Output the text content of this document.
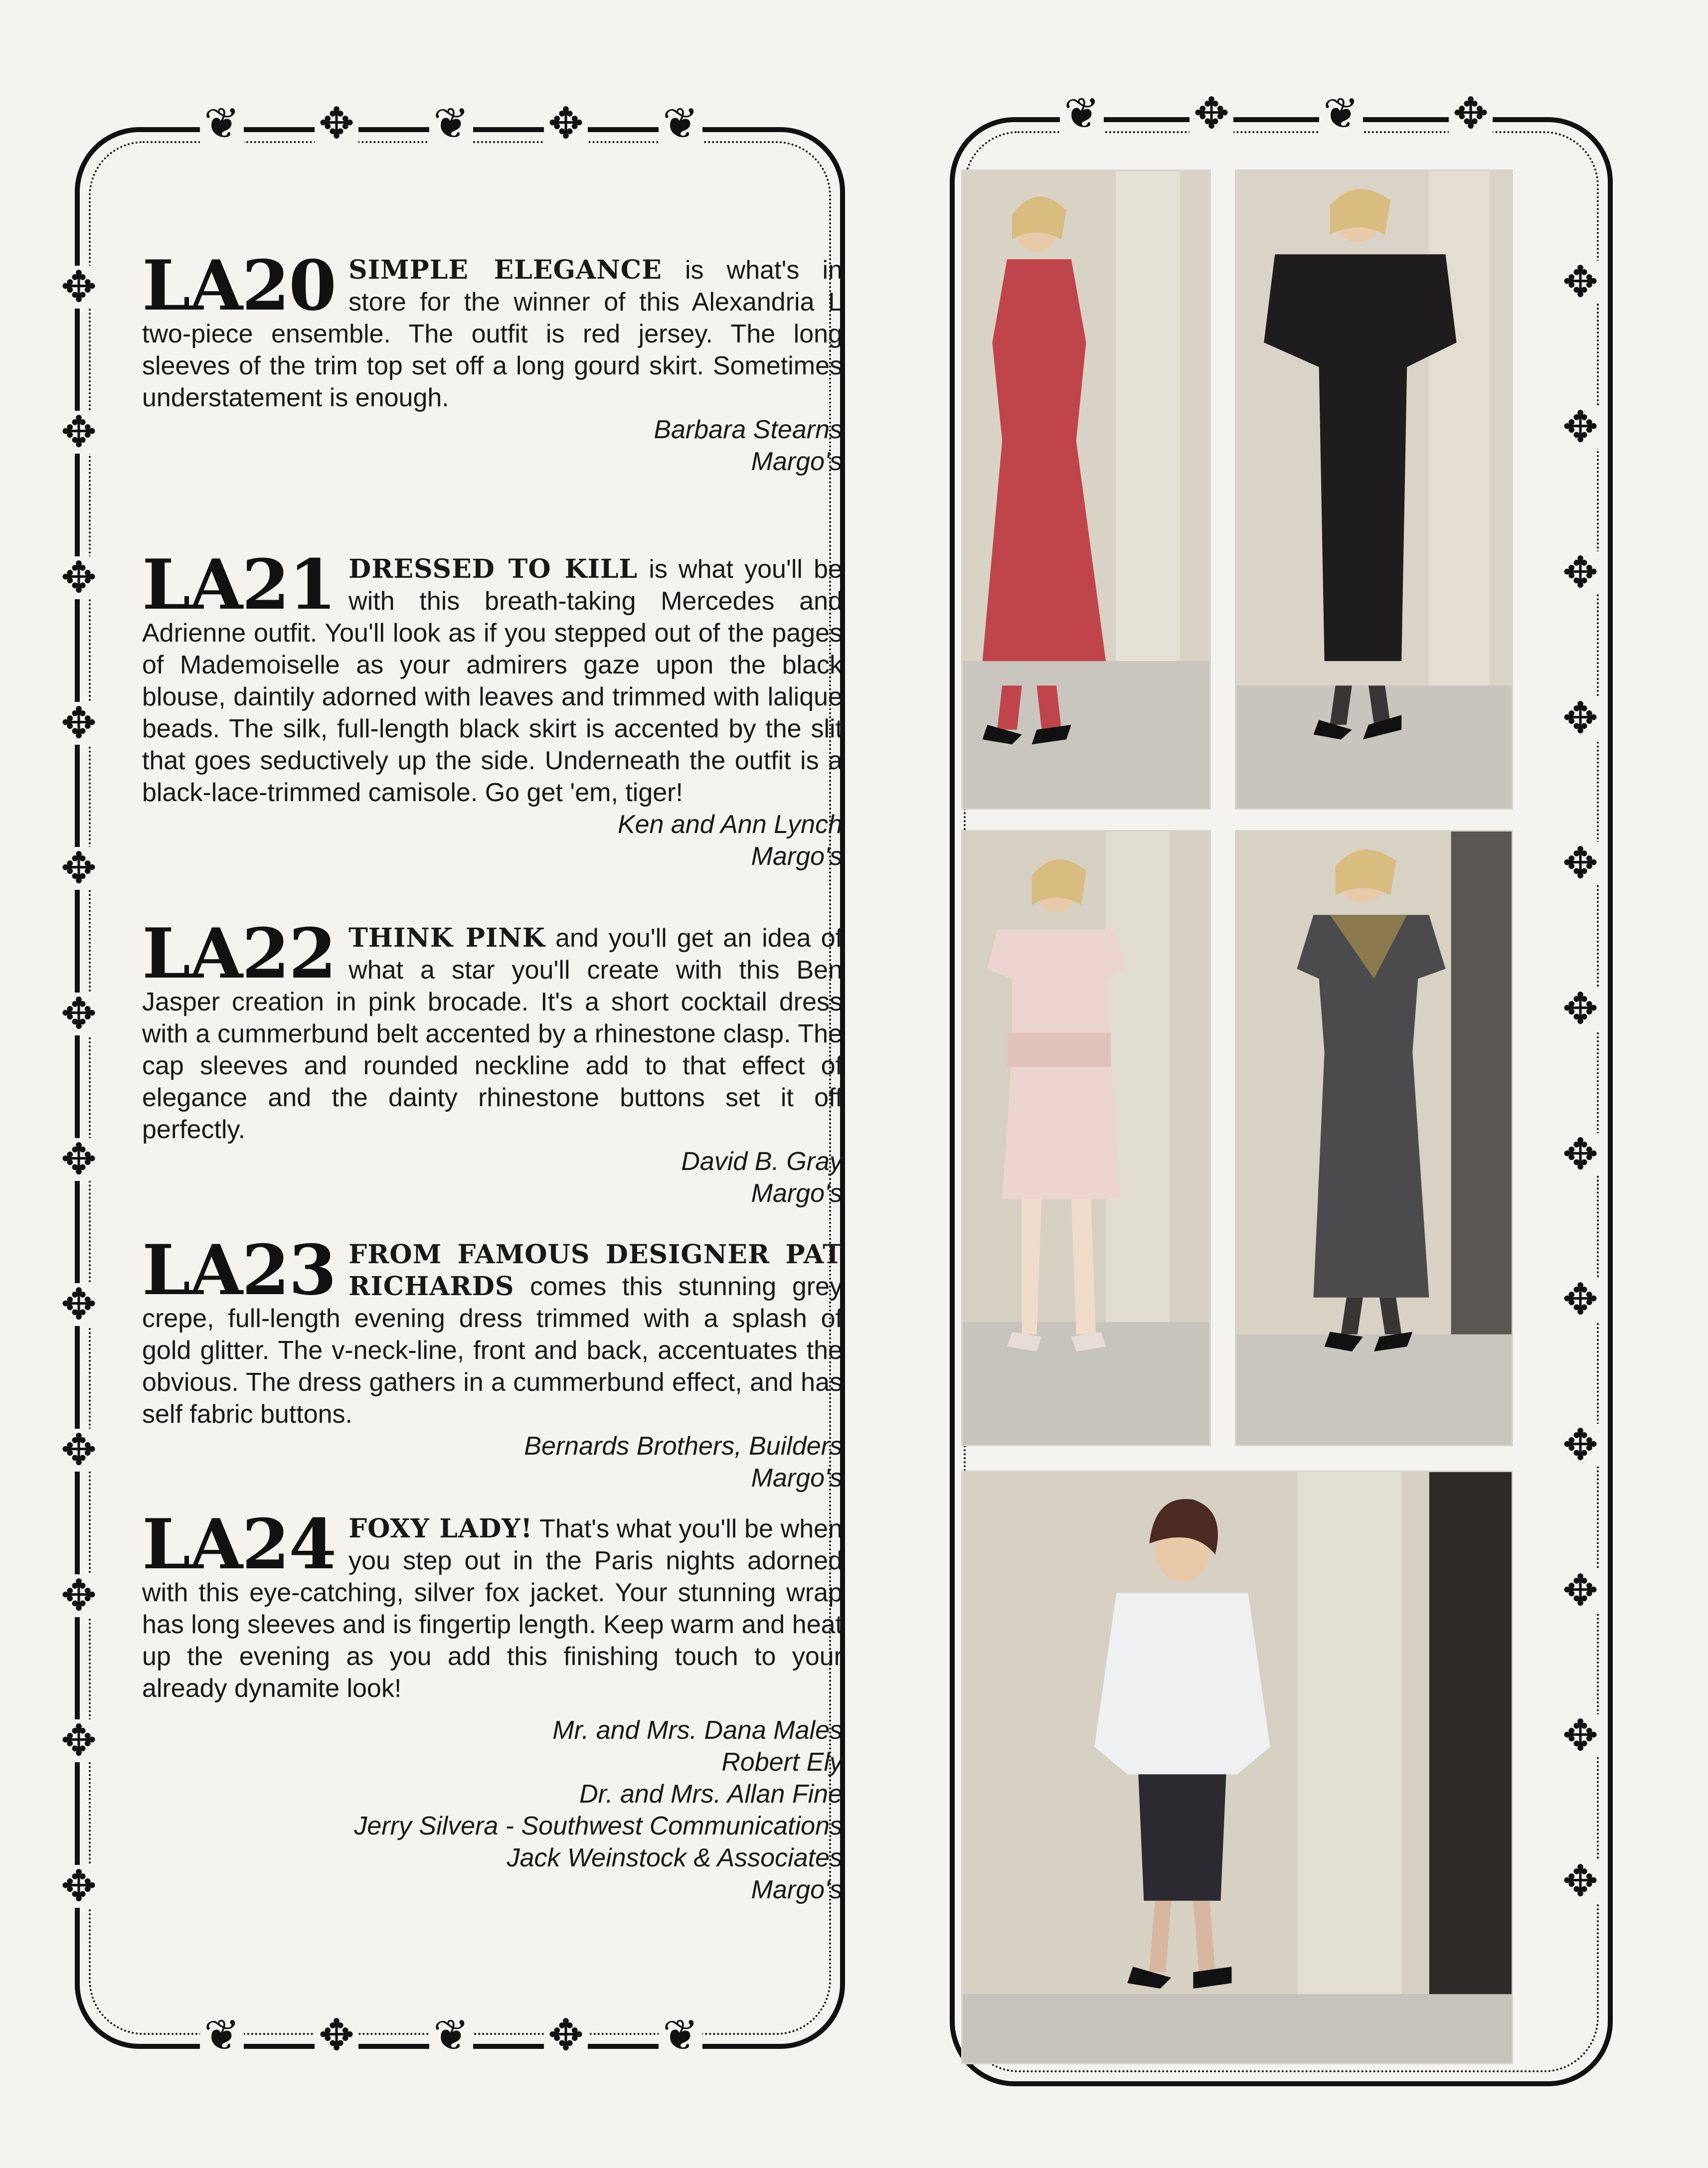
❦ ✥ ❦ ✥ ❦
❦ ✥ ❦ ✥ ❦
✥
✥
✥
✥
✥
✥
✥
✥
✥
✥
✥
✥
❦ ✥ ❦ ✥
✥
✥
✥
✥
✥
✥
✥
✥
✥
✥
✥
✥
LA20 SIMPLE ELEGANCE is what's in store for the winner of this Alexandria L two-piece ensemble. The outfit is red jersey. The long sleeves of the trim top set off a long gourd skirt. Sometimes understatement is enough.
Barbara Stearns
Margo's
LA21 DRESSED TO KILL is what you'll be with this breath-taking Mercedes and Adrienne outfit. You'll look as if you stepped out of the pages of Mademoiselle as your admirers gaze upon the black blouse, daintily adorned with leaves and trimmed with lalique beads. The silk, full-length black skirt is accented by the slit that goes seductively up the side. Underneath the outfit is a black-lace-trimmed camisole. Go get 'em, tiger!
Ken and Ann Lynch
Margo's
LA22 THINK PINK and you'll get an idea of what a star you'll create with this Ben Jasper creation in pink brocade. It's a short cocktail dress with a cummerbund belt accented by a rhinestone clasp. The cap sleeves and rounded neckline add to that effect of elegance and the dainty rhinestone buttons set it off perfectly.
David B. Gray
Margo's
LA23 FROM FAMOUS DESIGNER PAT RICHARDS comes this stunning grey crepe, full-length evening dress trimmed with a splash of gold glitter. The v-neck-line, front and back, accentuates the obvious. The dress gathers in a cummerbund effect, and has self fabric buttons.
Bernards Brothers, Builders
Margo's
LA24 FOXY LADY! That's what you'll be when you step out in the Paris nights adorned with this eye-catching, silver fox jacket. Your stunning wrap has long sleeves and is fingertip length. Keep warm and heat up the evening as you add this finishing touch to your already dynamite look!
Mr. and Mrs. Dana Males
Robert Ely
Dr. and Mrs. Allan Fine
Jerry Silvera - Southwest Communications
Jack Weinstock & Associates
Margo's
